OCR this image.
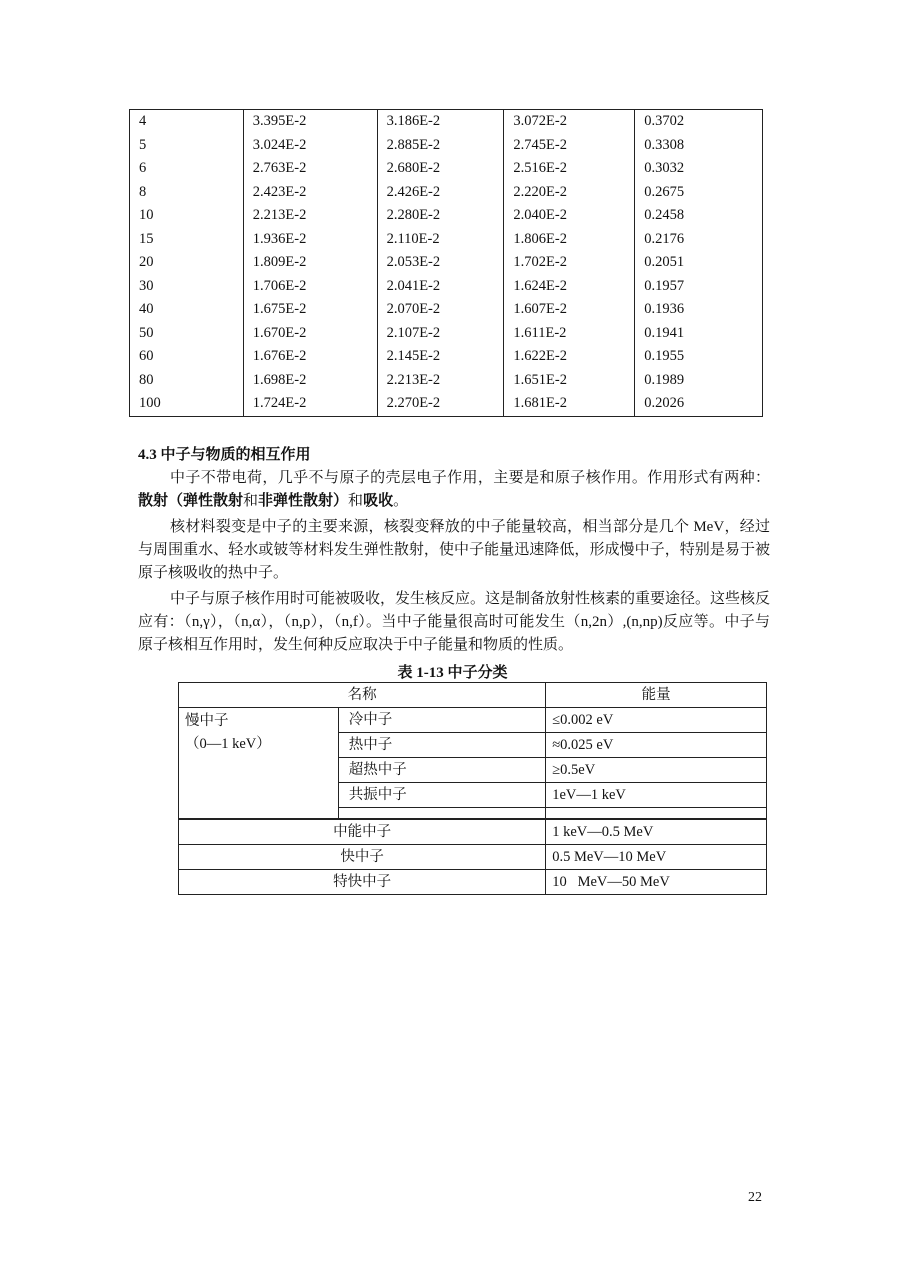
4	3.395E-2	3.186E-2	3.072E-2	0.3702
5	3.024E-2	2.885E-2	2.745E-2	0.3308
6	2.763E-2	2.680E-2	2.516E-2	0.3032
8	2.423E-2	2.426E-2	2.220E-2	0.2675
10	2.213E-2	2.280E-2	2.040E-2	0.2458
15	1.936E-2	2.110E-2	1.806E-2	0.2176
20	1.809E-2	2.053E-2	1.702E-2	0.2051
30	1.706E-2	2.041E-2	1.624E-2	0.1957
40	1.675E-2	2.070E-2	1.607E-2	0.1936
50	1.670E-2	2.107E-2	1.611E-2	0.1941
60	1.676E-2	2.145E-2	1.622E-2	0.1955
80	1.698E-2	2.213E-2	1.651E-2	0.1989
100	1.724E-2	2.270E-2	1.681E-2	0.2026
4.3 中子与物质的相互作用

中子不带电荷，几乎不与原子的壳层电子作用，主要是和原子核作用。作用形式有两种：散射（弹性散射和非弹性散射）和吸收。

核材料裂变是中子的主要来源，核裂变释放的中子能量较高，相当部分是几个 MeV，经过与周围重水、轻水或铍等材料发生弹性散射，使中子能量迅速降低，形成慢中子，特别是易于被原子核吸收的热中子。

中子与原子核作用时可能被吸收，发生核反应。这是制备放射性核素的重要途径。这些核反应有：（n,γ），（n,α），（n,p），（n,f）。当中子能量很高时可能发生（n,2n）,(n,np)反应等。中子与原子核相互作用时，发生何种反应取决于中子能量和物质的性质。

表 1-13 中子分类
名称		能量

慢中子
（0—1 keV）	冷中子	≤0.002 eV
	热中子	≈0.025 eV
	超热中子	≥0.5eV
	共振中子	1eV—1 keV

中能中子		1 keV—0.5 MeV
快中子		0.5 MeV—10 MeV
特快中子		10   MeV—50 MeV
22
